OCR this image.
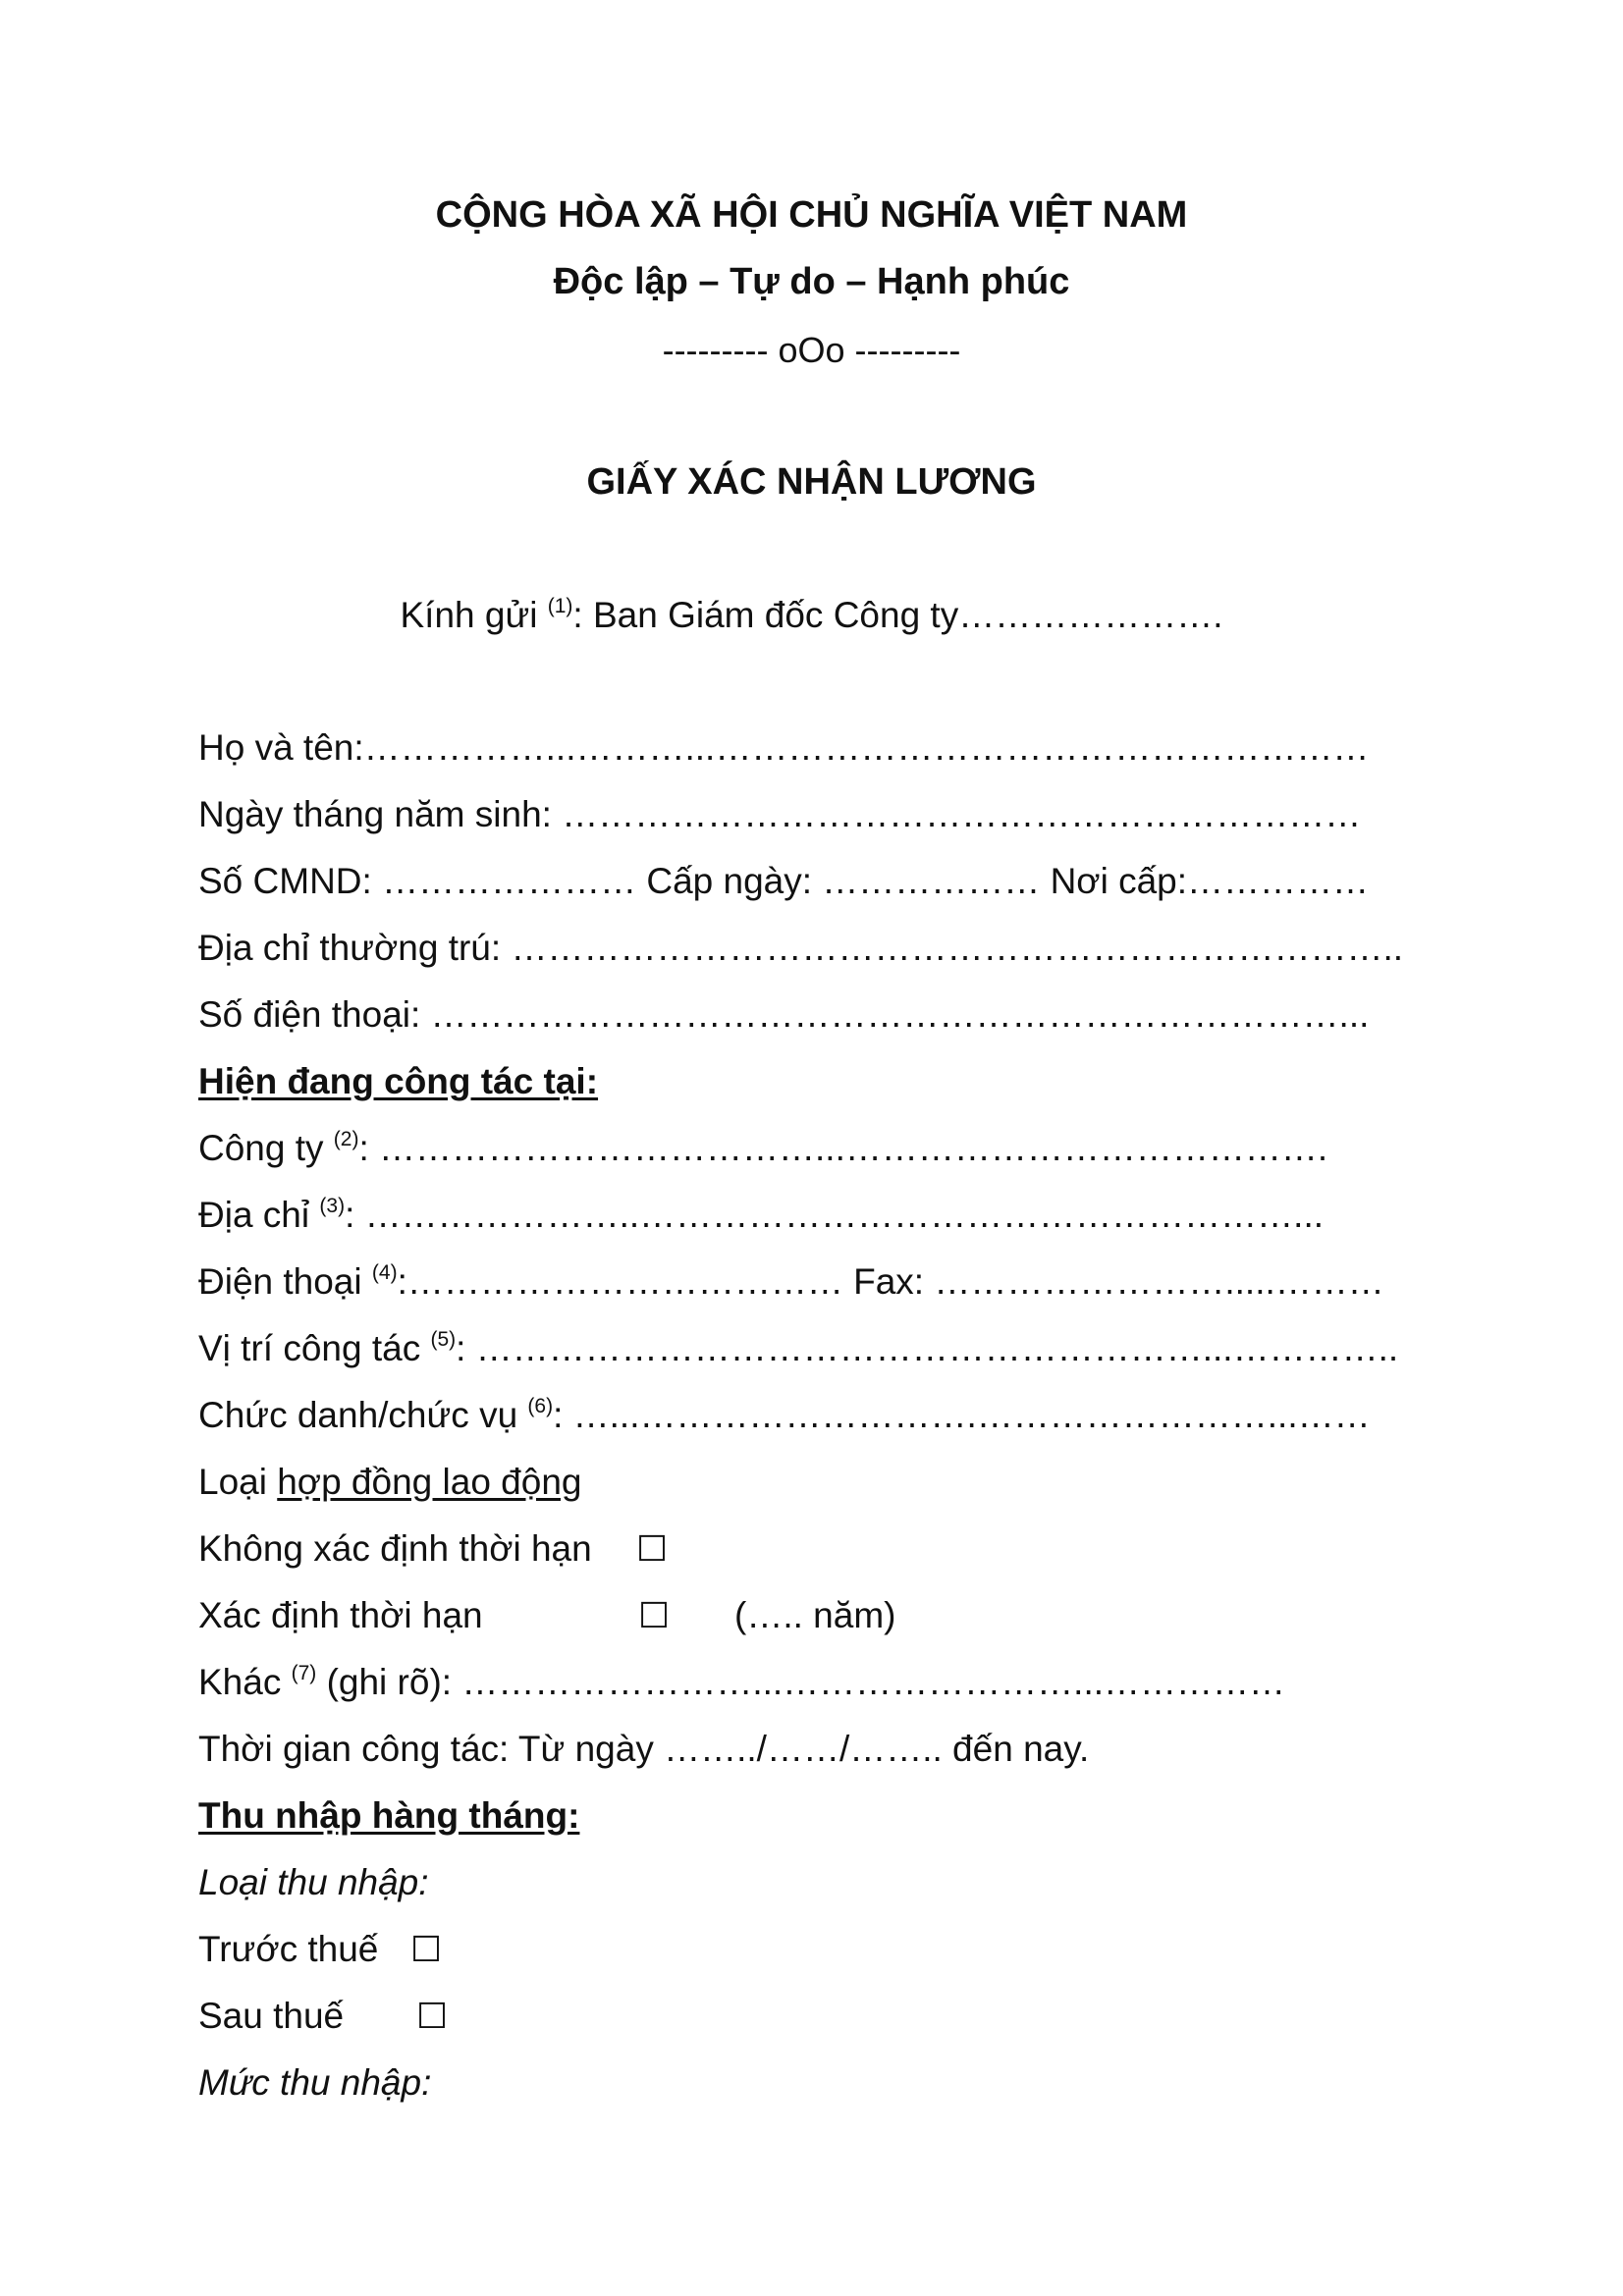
CỘNG HÒA XÃ HỘI CHỦ NGHĨA VIỆT NAM
Độc lập – Tự do – Hạnh phúc
--------- oOo ---------
GIẤY XÁC NHẬN LƯƠNG
Kính gửi $^{(1)}$: Ban Giám đốc Công ty………………….
Họ và tên:……………...………...………………………………………………
Ngày tháng năm sinh: …………………………………………………………
Số CMND: ………………… Cấp ngày: ……………… Nơi cấp:……………
Địa chỉ thường trú: ………………………………………………………………..
Số điện thoại: …………………………………………………………………...
Hiện đang công tác tại:
Công ty $^{(2)}$: ………………………………...………………………………….
Địa chỉ $^{(3)}$: …………………..………………………………………………...
Điện thoại $^{(4)}$:……………………………… Fax: …………………….....………
Vị trí công tác $^{(5)}$: ……………………………………………………...…………..
Chức danh/chức vụ $^{(6)}$: …...……………………….……………………...……
Loại hợp đồng lao động
Không xác định thời hạn ☐
Xác định thời hạn	☐ (….. năm)
Khác $^{(7)}$ (ghi rõ): ……………………...……………………...……………
Thời gian công tác: Từ ngày ……../……/…….. đến nay.
Thu nhập hàng tháng:
Loại thu nhập:
Trước thuế ☐
Sau thuế ☐
Mức thu nhập:
